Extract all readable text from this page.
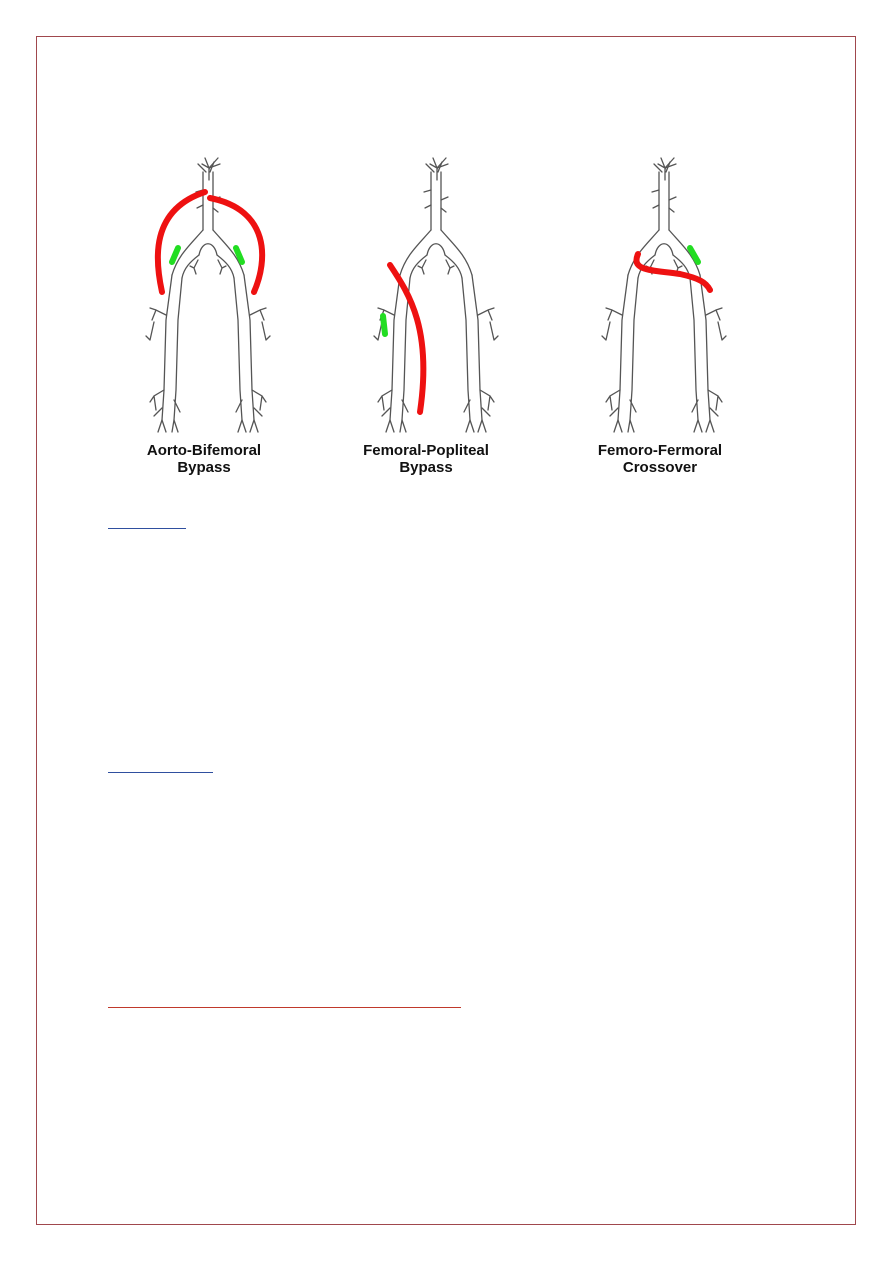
Aorto-Bifemoral
Bypass
Femoral-Popliteal
Bypass
Femoro-Fermoral
Crossover
